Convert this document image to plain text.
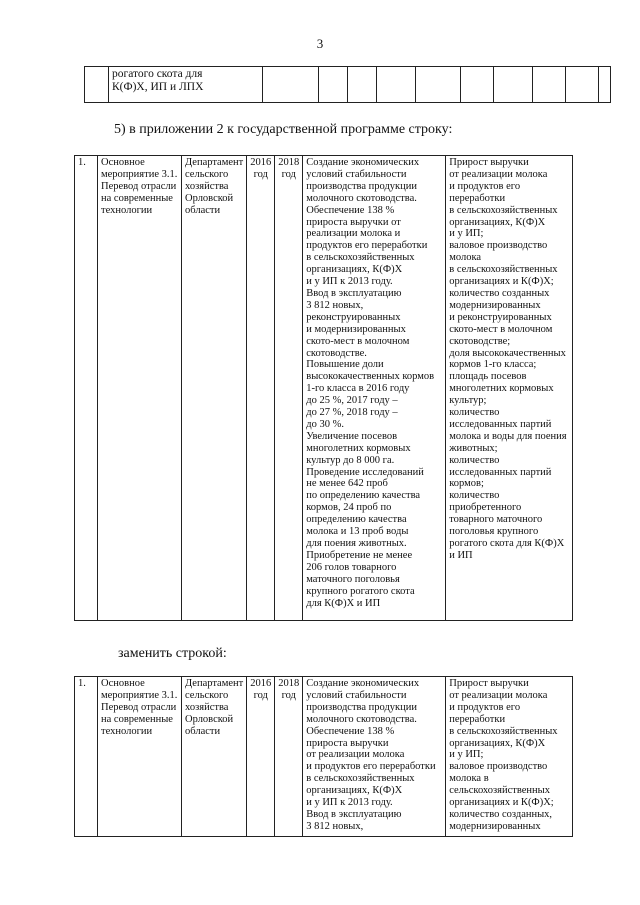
3

рогатого скота для
К(Ф)Х, ИП и ЛПХ

5) в приложении 2 к государственной программе строку:
1.	Основное
мероприятие 3.1.
Перевод отрасли
на современные
технологии

Департамент
сельского
хозяйства
Орловской
области

2016
год

2018
год

Создание экономических
условий стабильности
производства продукции
молочного скотоводства.
Обеспечение 138 %
прироста выручки от
реализации молока и
продуктов его переработки
в сельскохозяйственных
организациях, К(Ф)Х
и у ИП к 2013 году.
Ввод в эксплуатацию
3 812 новых,
реконструированных
и модернизированных
ското-мест в молочном
скотоводстве.
Повышение доли
высококачественных кормов
1-го класса в 2016 году
до 25 %, 2017 году –
до 27 %, 2018 году –
до 30 %.
Увеличение посевов
многолетних кормовых
культур до 8 000 га.
Проведение исследований
не менее 642 проб
по определению качества
кормов, 24 проб по
определению качества
молока и 13 проб воды
для поения животных.
Приобретение не менее
206 голов товарного
маточного поголовья
крупного рогатого скота
для К(Ф)Х и ИП

Прирост выручки
от реализации молока
и продуктов его
переработки
в сельскохозяйственных
организациях, К(Ф)Х
и у ИП;
валовое производство
молока
в сельскохозяйственных
организациях и К(Ф)Х;
количество созданных
модернизированных
и реконструированных
ското-мест в молочном
скотоводстве;
доля высококачественных
кормов 1-го класса;
площадь посевов
многолетних кормовых
культур;
количество
исследованных партий
молока и воды для поения
животных;
количество
исследованных партий
кормов;
количество
приобретенного
товарного маточного
поголовья крупного
рогатого скота для К(Ф)Х
и ИП
заменить строкой:
1.	Основное
мероприятие 3.1.
Перевод отрасли
на современные
технологии

Департамент
сельского
хозяйства
Орловской
области

2016
год

2018
год

Создание экономических
условий стабильности
производства продукции
молочного скотоводства.
Обеспечение 138 %
прироста выручки
от реализации молока
и продуктов его переработки
в сельскохозяйственных
организациях, К(Ф)Х
и у ИП к 2013 году.
Ввод в эксплуатацию
3 812 новых,

Прирост выручки
от реализации молока
и продуктов его
переработки
в сельскохозяйственных
организациях, К(Ф)Х
и у ИП;
валовое производство
молока в
сельскохозяйственных
организациях и К(Ф)Х;
количество созданных,
модернизированных
